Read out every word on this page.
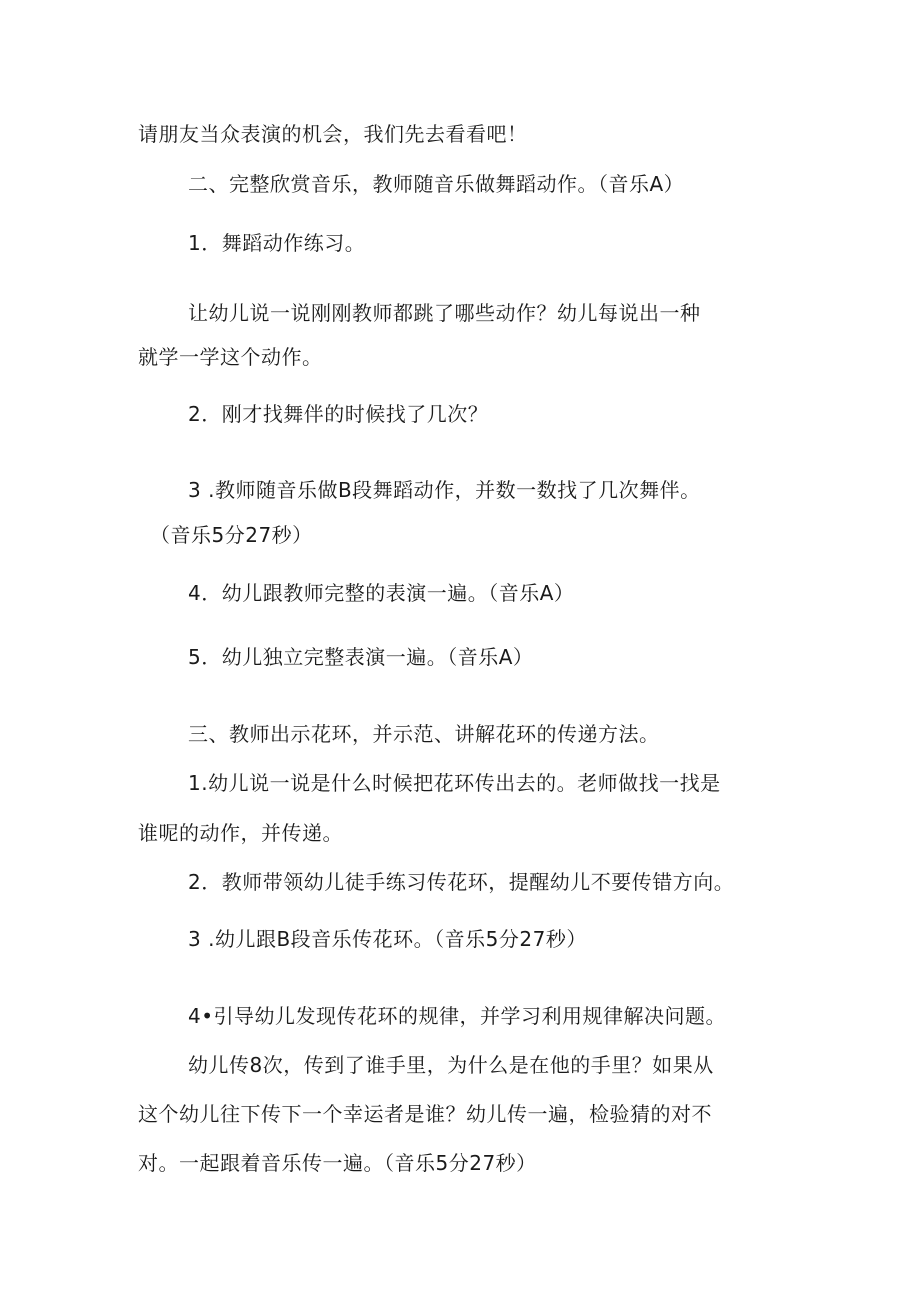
请朋友当众表演的机会，我们先去看看吧！
二、完整欣赏音乐，教师随音乐做舞蹈动作。（音乐A）
1．舞蹈动作练习。
让幼儿说一说刚刚教师都跳了哪些动作？幼儿每说出一种
就学一学这个动作。
2．刚才找舞伴的时候找了几次？
3 .教师随音乐做B段舞蹈动作，并数一数找了几次舞伴。
（音乐5分27秒）
4．幼儿跟教师完整的表演一遍。（音乐A）
5．幼儿独立完整表演一遍。（音乐A）
三、教师出示花环，并示范、讲解花环的传递方法。
1.幼儿说一说是什么时候把花环传出去的。老师做找一找是
谁呢的动作，并传递。
2．教师带领幼儿徒手练习传花环，提醒幼儿不要传错方向。
3 .幼儿跟B段音乐传花环。（音乐5分27秒）
4•引导幼儿发现传花环的规律，并学习利用规律解决问题。
幼儿传8次，传到了谁手里，为什么是在他的手里？如果从
这个幼儿往下传下一个幸运者是谁？幼儿传一遍，检验猜的对不
对。一起跟着音乐传一遍。（音乐5分27秒）
